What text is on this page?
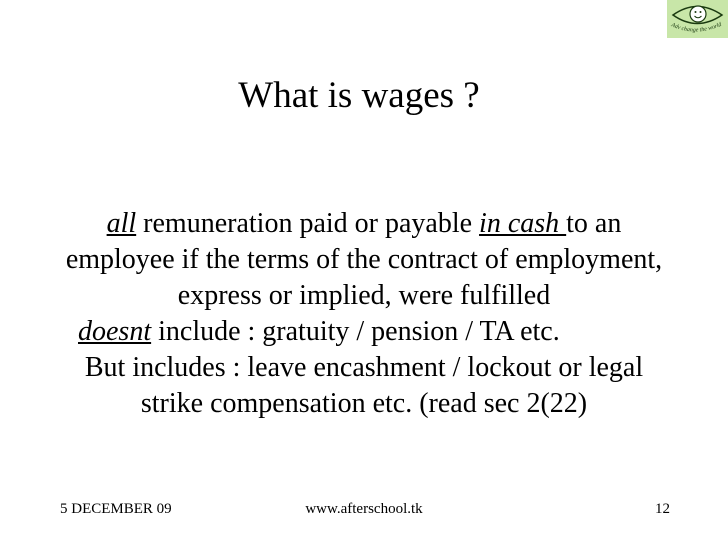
Adv change the world
What is wages ?

all remuneration paid or payable in cash to an employee if the terms of the contract of employment, express or implied, were fulfilled

doesnt include : gratuity / pension / TA etc.

But includes : leave encashment / lockout or legal strike compensation etc. (read sec 2(22)

5 DECEMBER 09	www.afterschool.tk	12
